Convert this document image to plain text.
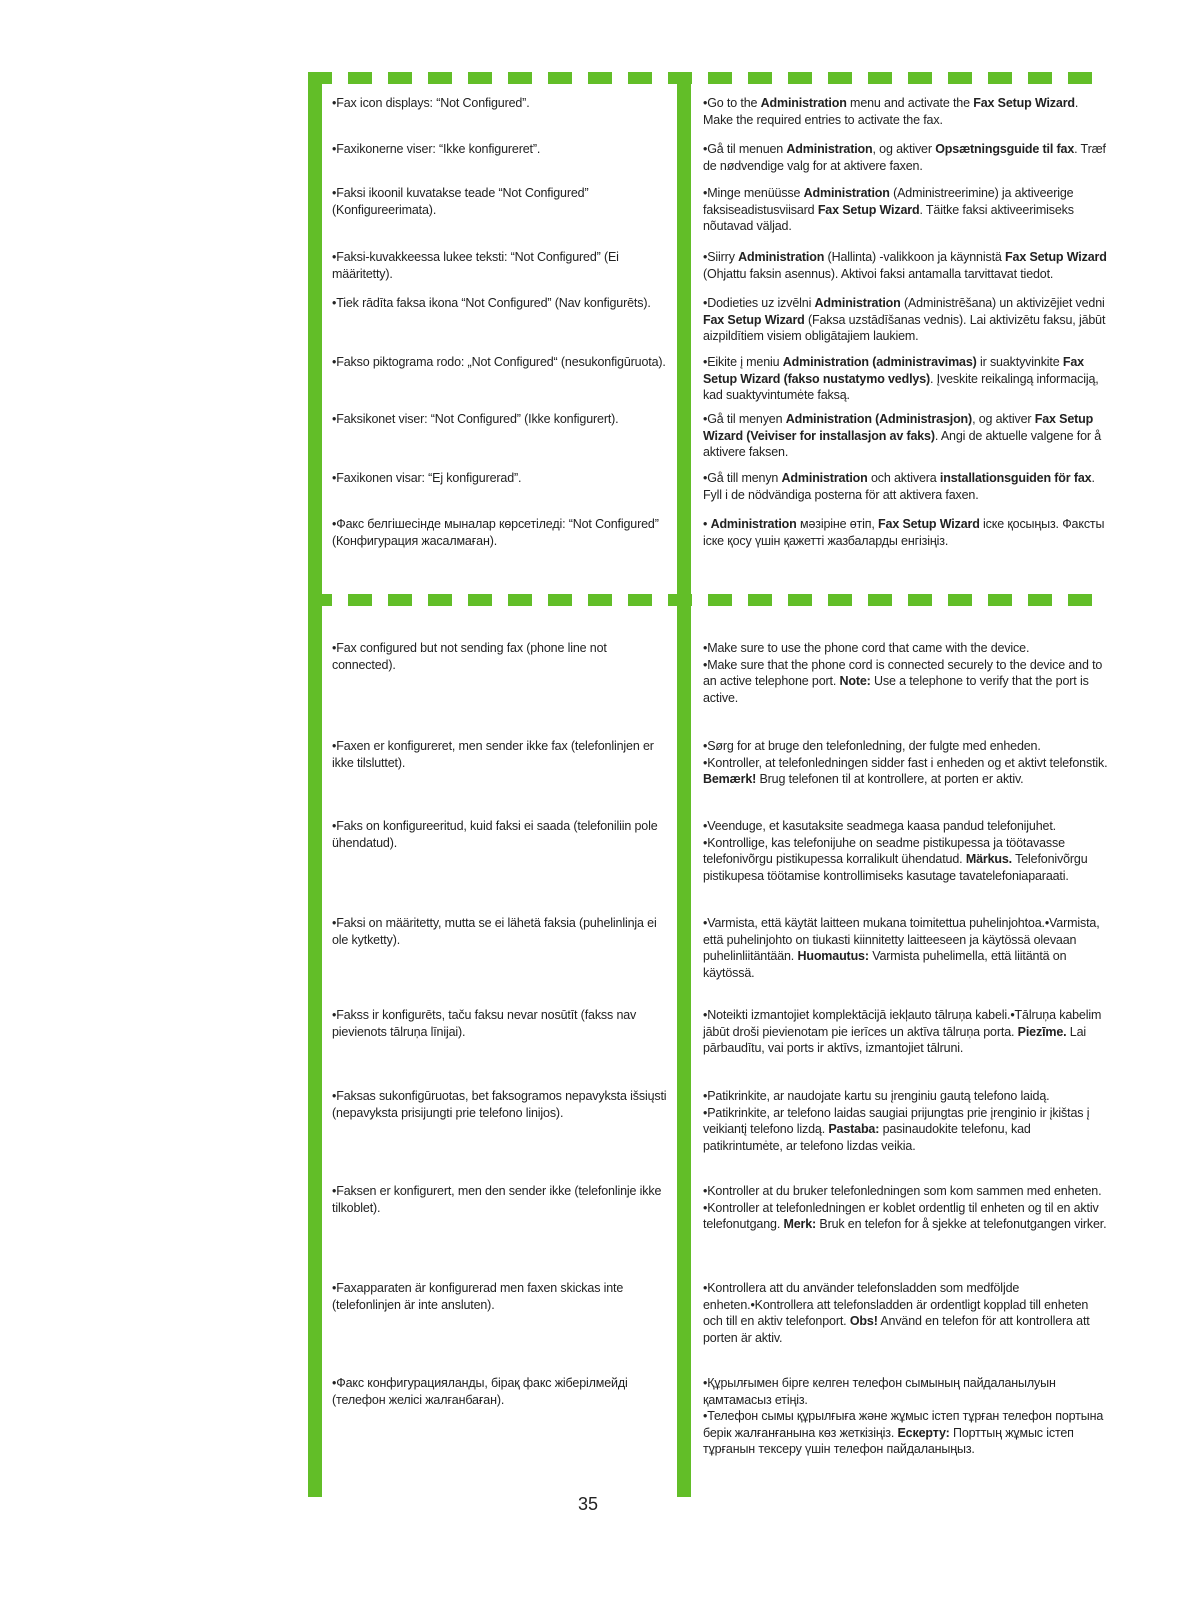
•Fax icon displays: “Not Configured”.

•Faxikonerne viser: “Ikke konfigureret”.

•Faksi ikoonil kuvatakse teade “Not Configured” (Konfigureerimata).

•Faksi-kuvakkeessa lukee teksti: “Not Configured” (Ei määritetty).

•Tiek rādīta faksa ikona “Not Configured” (Nav konfigurēts).

•Fakso piktograma rodo: „Not Configured“ (nesukonfigūruota).

•Faksikonet viser: “Not Configured” (Ikke konfigurert).

•Faxikonen visar: “Ej konfigurerad”.

•Факс белгішесінде мыналар көрсетіледі: “Not Configured” (Конфигурация жасалмаған).

•Go to the Administration menu and activate the Fax Setup Wizard. Make the required entries to activate the fax.

•Gå til menuen Administration, og aktiver Opsætningsguide til fax. Træf de nødvendige valg for at aktivere faxen.

•Minge menüüsse Administration (Administreerimine) ja aktiveerige faksiseadistusviisard Fax Setup Wizard. Täitke faksi aktiveerimiseks nõutavad väljad.

•Siirry Administration (Hallinta) -valikkoon ja käynnistä Fax Setup Wizard (Ohjattu faksin asennus). Aktivoi faksi antamalla tarvittavat tiedot.

•Dodieties uz izvēlni Administration (Administrēšana) un aktivizējiet vedni Fax Setup Wizard (Faksa uzstādīšanas vednis). Lai aktivizētu faksu, jābūt aizpildītiem visiem obligātajiem laukiem.

•Eikite į meniu Administration (administravimas) ir suaktyvinkite Fax Setup Wizard (fakso nustatymo vedlys). Įveskite reikalingą informaciją, kad suaktyvintumėte faksą.

•Gå til menyen Administration (Administrasjon), og aktiver Fax Setup Wizard (Veiviser for installasjon av faks). Angi de aktuelle valgene for å aktivere faksen.

•Gå till menyn Administration och aktivera installationsguiden för fax. Fyll i de nödvändiga posterna för att aktivera faxen.

• Administration мәзіріне өтіп, Fax Setup Wizard іске қосыңыз. Факсты іске қосу үшін қажетті жазбаларды енгізіңіз.

•Fax configured but not sending fax (phone line not connected).

•Faxen er konfigureret, men sender ikke fax (telefonlinjen er ikke tilsluttet).

•Faks on konfigureeritud, kuid faksi ei saada (telefoniliin pole ühendatud).

•Faksi on määritetty, mutta se ei lähetä faksia (puhelinlinja ei ole kytketty).

•Fakss ir konfigurēts, taču faksu nevar nosūtīt (fakss nav pievienots tālruņa līnijai).

•Faksas sukonfigūruotas, bet faksogramos nepavyksta išsiųsti (nepavyksta prisijungti prie telefono linijos).

•Faksen er konfigurert, men den sender ikke (telefonlinje ikke tilkoblet).

•Faxapparaten är konfigurerad men faxen skickas inte (telefonlinjen är inte ansluten).

•Факс конфигурацияланды, бірақ факс жіберілмейді (телефон желісі жалғанбаған).

•Make sure to use the phone cord that came with the device.
•Make sure that the phone cord is connected securely to the device and to an active telephone port. Note: Use a telephone to verify that the port is active.

•Sørg for at bruge den telefonledning, der fulgte med enheden.
•Kontroller, at telefonledningen sidder fast i enheden og et aktivt telefonstik. Bemærk! Brug telefonen til at kontrollere, at porten er aktiv.

•Veenduge, et kasutaksite seadmega kaasa pandud telefonijuhet.
•Kontrollige, kas telefonijuhe on seadme pistikupessa ja töötavasse telefonivõrgu pistikupessa korralikult ühendatud. Märkus. Telefonivõrgu pistikupesa töötamise kontrollimiseks kasutage tavatelefoniaparaati.

•Varmista, että käytät laitteen mukana toimitettua puhelinjohtoa.•Varmista, että puhelinjohto on tiukasti kiinnitetty laitteeseen ja käytössä olevaan puhelinliitäntään. Huomautus: Varmista puhelimella, että liitäntä on käytössä.

•Noteikti izmantojiet komplektācijā iekļauto tālruņa kabeli.•Tālruņa kabelim jābūt droši pievienotam pie ierīces un aktīva tālruņa porta. Piezīme. Lai pārbaudītu, vai ports ir aktīvs, izmantojiet tālruni.

•Patikrinkite, ar naudojate kartu su įrenginiu gautą telefono laidą.
•Patikrinkite, ar telefono laidas saugiai prijungtas prie įrenginio ir įkištas į veikiantį telefono lizdą. Pastaba: pasinaudokite telefonu, kad patikrintumėte, ar telefono lizdas veikia.

•Kontroller at du bruker telefonledningen som kom sammen med enheten.
•Kontroller at telefonledningen er koblet ordentlig til enheten og til en aktiv telefonutgang. Merk: Bruk en telefon for å sjekke at telefonutgangen virker.

•Kontrollera att du använder telefonsladden som medföljde enheten.•Kontrollera att telefonsladden är ordentligt kopplad till enheten och till en aktiv telefonport. Obs! Använd en telefon för att kontrollera att porten är aktiv.

•Құрылғымен бірге келген телефон сымының пайдаланылуын қамтамасыз етіңіз.
•Телефон сымы құрылғыға және жұмыс істеп тұрған телефон портына берік жалғанғанына көз жеткізіңіз. Ескерту: Порттың жұмыс істеп тұрғанын тексеру үшін телефон пайдаланыңыз.

35
